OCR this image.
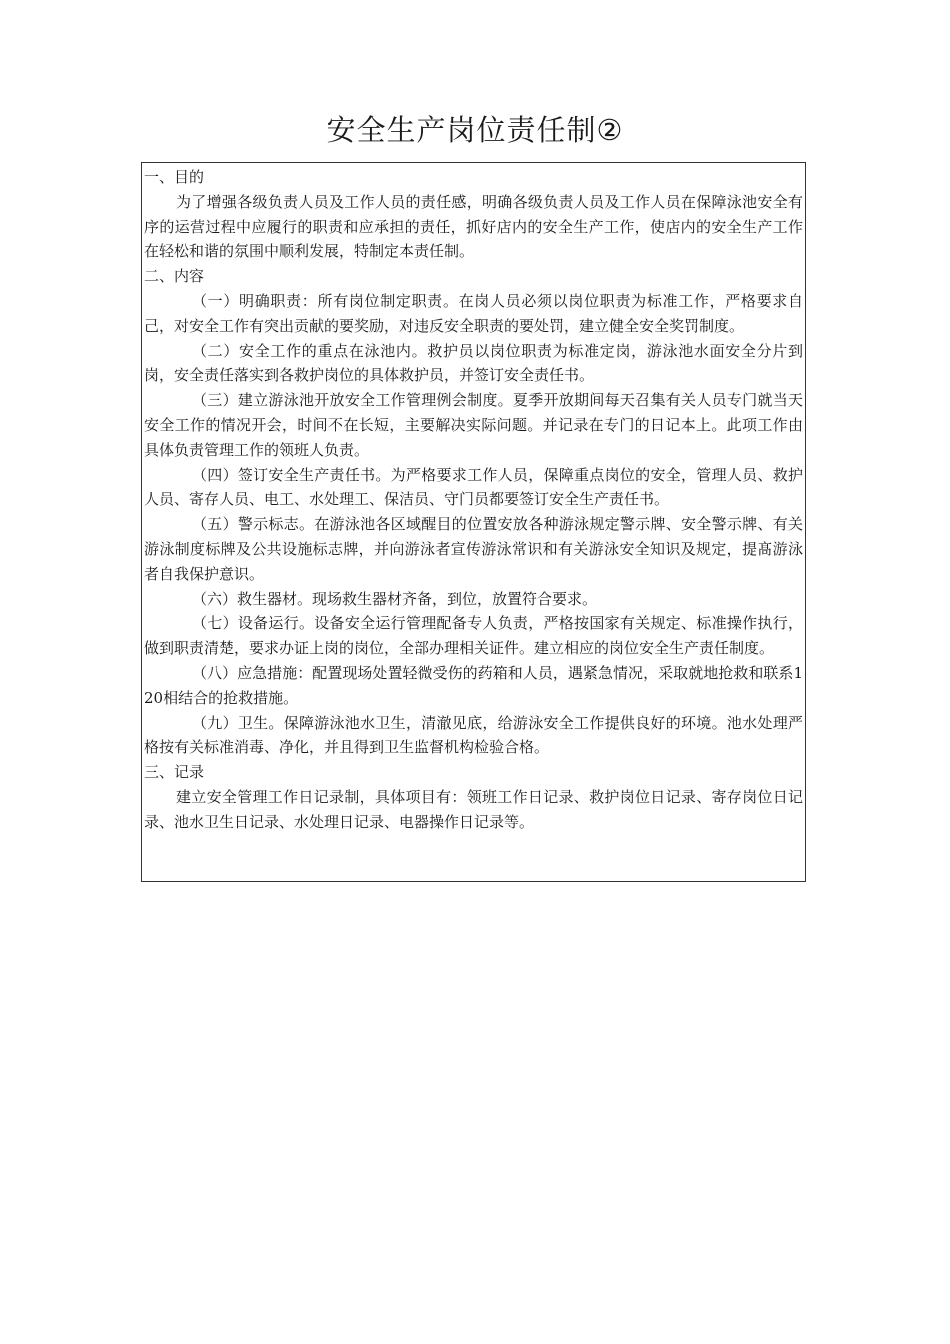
安全生产岗位责任制②

一、目的

为了增强各级负责人员及工作人员的责任感，明确各级负责人员及工作人员在保障泳池安全有序的运营过程中应履行的职责和应承担的责任，抓好店内的安全生产工作，使店内的安全生产工作在轻松和谐的氛围中顺利发展，特制定本责任制。

二、内容

（一）明确职责：所有岗位制定职责。在岗人员必须以岗位职责为标准工作，严格要求自己，对安全工作有突出贡献的要奖励，对违反安全职责的要处罚，建立健全安全奖罚制度。

（二）安全工作的重点在泳池内。救护员以岗位职责为标准定岗，游泳池水面安全分片到岗，安全责任落实到各救护岗位的具体救护员，并签订安全责任书。

（三）建立游泳池开放安全工作管理例会制度。夏季开放期间每天召集有关人员专门就当天安全工作的情况开会，时间不在长短，主要解决实际问题。并记录在专门的日记本上。此项工作由具体负责管理工作的领班人负责。

（四）签订安全生产责任书。为严格要求工作人员，保障重点岗位的安全，管理人员、救护人员、寄存人员、电工、水处理工、保洁员、守门员都要签订安全生产责任书。

（五）警示标志。在游泳池各区域醒目的位置安放各种游泳规定警示牌、安全警示牌、有关游泳制度标牌及公共设施标志牌，并向游泳者宣传游泳常识和有关游泳安全知识及规定，提髙游泳者自我保护意识。

（六）救生器材。现场救生器材齐备，到位，放置符合要求。

（七）设备运行。设备安全运行管理配备专人负责，严格按国家有关规定、标准操作执行，做到职责清楚，要求办证上岗的岗位，全部办理相关证件。建立相应的岗位安全生产责任制度。

（八）应急措施：配置现场处置轻微受伤的药箱和人员，遇紧急情况，采取就地抢救和联系120相结合的抢救措施。

（九）卫生。保障游泳池水卫生，清澈见底，给游泳安全工作提供良好的环境。池水处理严格按有关标准消毒、净化，并且得到卫生监督机构检验合格。

三、记录

建立安全管理工作日记录制，具体项目有：领班工作日记录、救护岗位日记录、寄存岗位日记录、池水卫生日记录、水处理日记录、电器操作日记录等。
